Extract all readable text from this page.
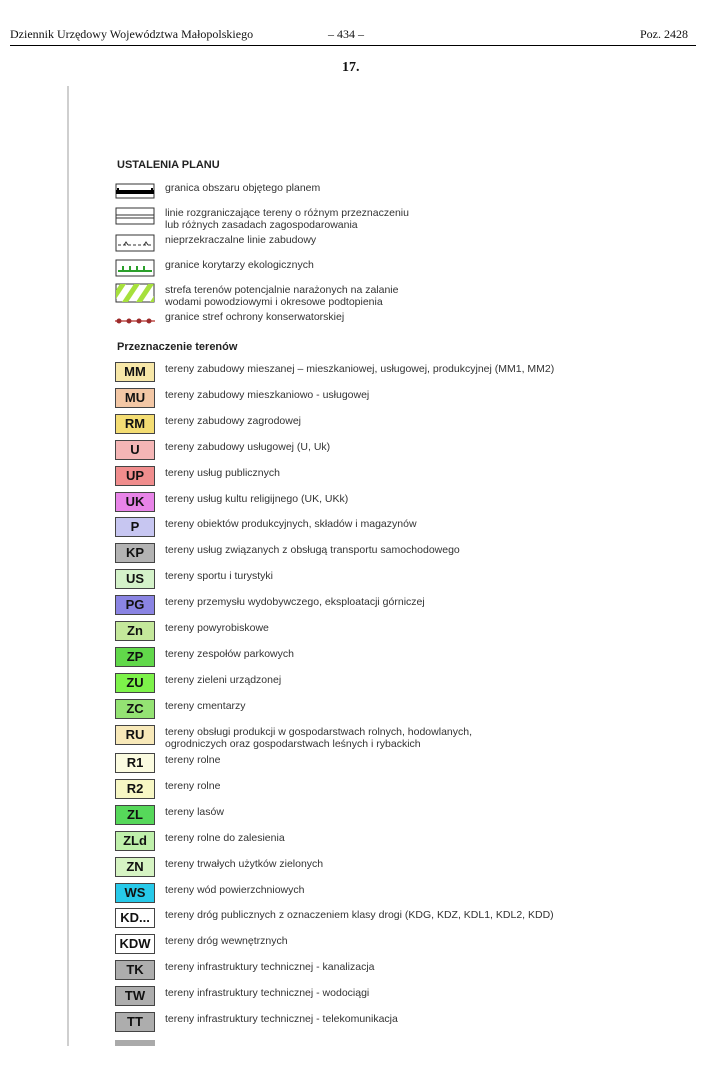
Dziennik Urzędowy Województwa Małopolskiego	– 434 –	Poz. 2428
17.
USTALENIA PLANU
granica obszaru objętego planem
linie rozgraniczające tereny o różnym przeznaczeniu
lub różnych zasadach zagospodarowania
nieprzekraczalne linie zabudowy
granice korytarzy ekologicznych
strefa terenów potencjalnie narażonych na zalanie
wodami powodziowymi i okresowe podtopienia
granice stref ochrony konserwatorskiej
Przeznaczenie terenów
MM	tereny zabudowy mieszanej – mieszkaniowej, usługowej, produkcyjnej (MM1, MM2)
MU	tereny zabudowy mieszkaniowo - usługowej
RM	tereny zabudowy zagrodowej
U	tereny zabudowy usługowej (U, Uk)
UP	tereny usług publicznych
UK	tereny usług kultu religijnego (UK, UKk)
P	tereny obiektów produkcyjnych, składów i magazynów
KP	tereny usług związanych z obsługą transportu samochodowego
US	tereny sportu i turystyki
PG	tereny przemysłu wydobywczego, eksploatacji górniczej
Zn	tereny powyrobiskowe
ZP	tereny zespołów parkowych
ZU	tereny zieleni urządzonej
ZC	tereny cmentarzy
RU	tereny obsługi produkcji w gospodarstwach rolnych, hodowlanych,
ogrodniczych oraz gospodarstwach leśnych i rybackich
R1	tereny rolne
R2	tereny rolne
ZL	tereny lasów
ZLd	tereny rolne do zalesienia
ZN	tereny trwałych użytków zielonych
WS	tereny wód powierzchniowych
KD...	tereny dróg publicznych z oznaczeniem klasy drogi (KDG, KDZ, KDL1, KDL2, KDD)
KDW	tereny dróg wewnętrznych
TK	tereny infrastruktury technicznej - kanalizacja
TW	tereny infrastruktury technicznej - wodociągi
TT	tereny infrastruktury technicznej - telekomunikacja
